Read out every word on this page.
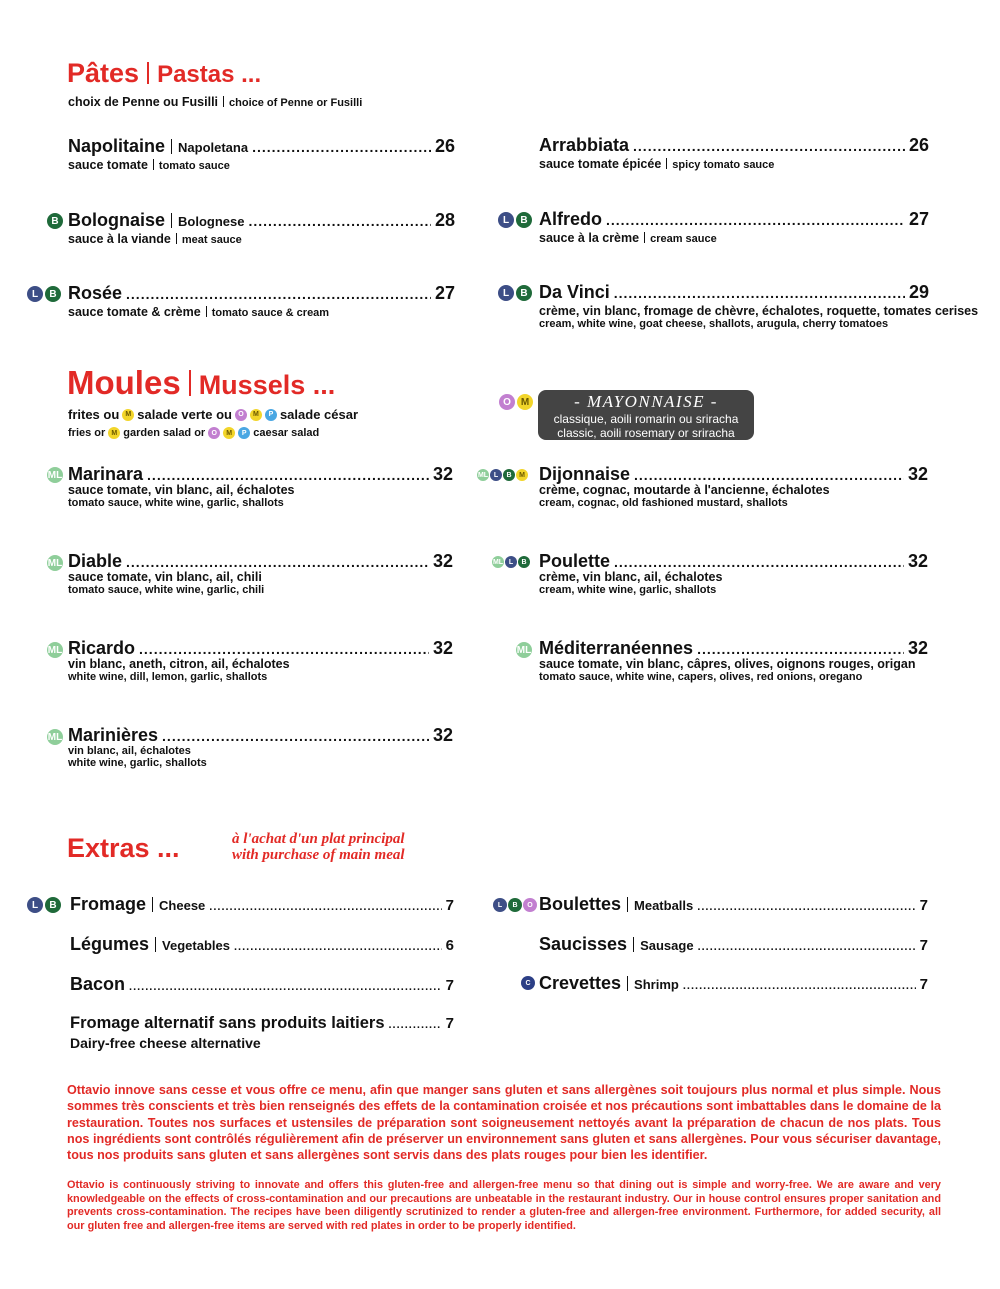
Pâtes Pastas ...
choix de Penne ou Fusilli choice of Penne or Fusilli
Napolitaine Napoletana .....	26
sauce tomate tomato sauce
B Bolognaise Bolognese .....	28
sauce à la viande meat sauce
L	B Rosée .....	27
sauce tomate & crème tomato sauce & cream
Arrabbiata .....	26
sauce tomate épicée spicy tomato sauce
L	B Alfredo .....	27
sauce à la crème cream sauce
L	B Da Vinci .....	29
crème, vin blanc, fromage de chèvre, échalotes, roquette, tomates cerises
cream, white wine, goat cheese, shallots, arugula, cherry tomatoes
Moules Mussels ...
frites ou M salade verte ou O	M	P salade césar
fries or M garden salad or O	M	P caesar salad
O M	- MAYONNAISE -
classique, aoili romarin ou sriracha
classic, aoili rosemary or sriracha
ML Marinara .....	32
sauce tomate, vin blanc, ail, échalotes
tomato sauce, white wine, garlic, shallots
ML Diable .....	32
sauce tomate, vin blanc, ail, chili
tomato sauce, white wine, garlic, chili
ML Ricardo .....	32
vin blanc, aneth, citron, ail, échalotes
white wine, dill, lemon, garlic, shallots
ML Marinières .....	32
vin blanc, ail, échalotes
white wine, garlic, shallots
ML L	B	M Dijonnaise .....	32
crème, cognac, moutarde à l'ancienne, échalotes
cream, cognac, old fashioned mustard, shallots
ML L	B Poulette .....	32
crème, vin blanc, ail, échalotes
cream, white wine, garlic, shallots
ML Méditerranéennes .....	32
sauce tomate, vin blanc, câpres, olives, oignons rouges, origan
tomato sauce, white wine, capers, olives, red onions, oregano
Extras ...	à l'achat d'un plat principal
with purchase of main meal
L	B Fromage Cheese .....	7
Légumes Vegetables .....	6
Bacon .....	7
Fromage alternatif sans produits laitiers .....	7
Dairy-free cheese alternative
L	B	O Boulettes Meatballs .....	7
Saucisses Sausage .....	7
C Crevettes Shrimp .....	7
Ottavio innove sans cesse et vous offre ce menu, afin que manger sans gluten et sans allergènes soit toujours plus normal et plus simple. Nous sommes très conscients et très bien renseignés des effets de la contamination croisée et nos précautions sont imbattables dans le domaine de la restauration. Toutes nos surfaces et ustensiles de préparation sont soigneusement nettoyés avant la préparation de chacun de nos plats. Tous nos ingrédients sont contrôlés régulièrement afin de préserver un environnement sans gluten et sans allergènes. Pour vous sécuriser davantage, tous nos produits sans gluten et sans allergènes sont servis dans des plats rouges pour bien les identifier.
Ottavio is continuously striving to innovate and offers this gluten-free and allergen-free menu so that dining out is simple and worry-free. We are aware and very knowledgeable on the effects of cross-contamination and our precautions are unbeatable in the restaurant industry. Our in house control ensures proper sanitation and prevents cross-contamination. The recipes have been diligently scrutinized to render a gluten-free and allergen-free environment. Furthermore, for added security, all our gluten free and allergen-free items are served with red plates in order to be properly identified.
